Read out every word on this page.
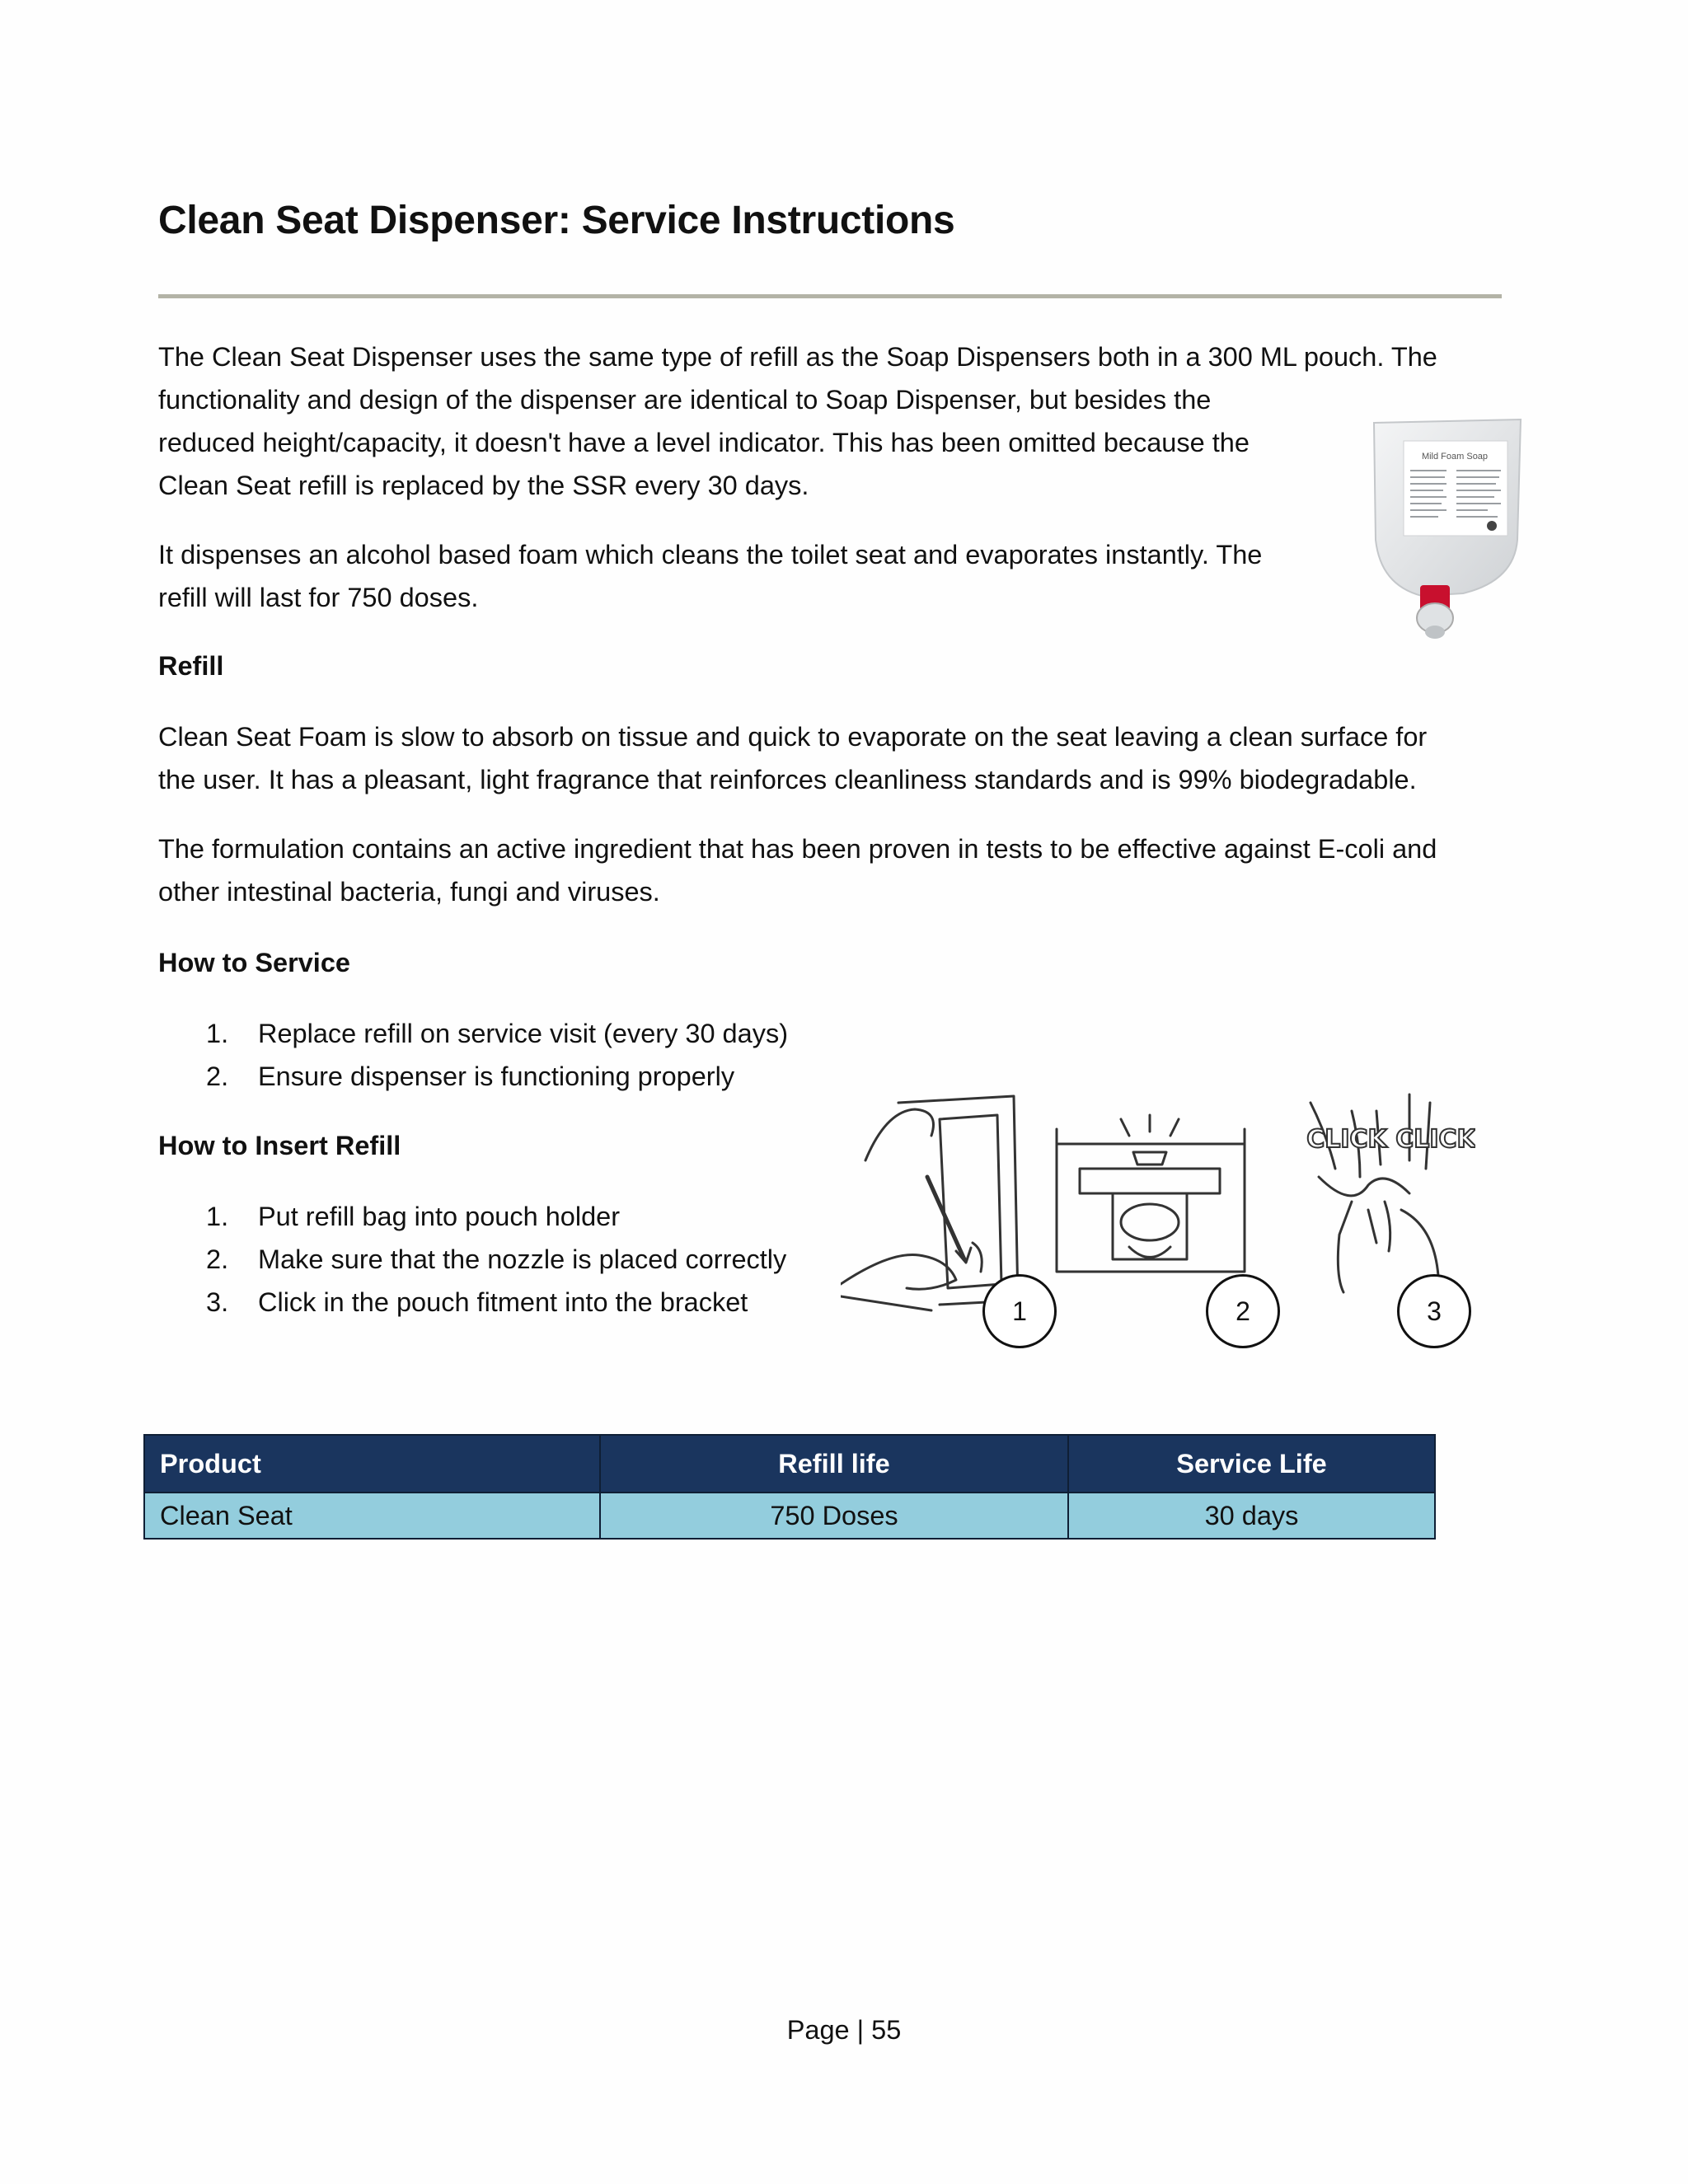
Clean Seat Dispenser: Service Instructions
The Clean Seat Dispenser uses the same type of refill as the Soap Dispensers both in a 300 ML pouch. The
functionality and design of the dispenser are identical to Soap Dispenser, but besides the
reduced height/capacity, it doesn't have a level indicator. This has been omitted because the
Clean Seat refill is replaced by the SSR every 30 days.
It dispenses an alcohol based foam which cleans the toilet seat and evaporates instantly. The
refill will last for 750 doses.
Mild Foam Soap
Refill
Clean Seat Foam is slow to absorb on tissue and quick to evaporate on the seat leaving a clean surface for
the user. It has a pleasant, light fragrance that reinforces cleanliness standards and is 99% biodegradable.
The formulation contains an active ingredient that has been proven in tests to be effective against E-coli and
other intestinal bacteria, fungi and viruses.
How to Service
1. Replace refill on service visit (every 30 days)
2. Ensure dispenser is functioning properly
How to Insert Refill
1. Put refill bag into pouch holder
2. Make sure that the nozzle is placed correctly
3. Click in the pouch fitment into the bracket
CLICK CLICK
1	2	3
Product	Refill life	Service Life
Clean Seat	750 Doses	30 days
Page | 55
